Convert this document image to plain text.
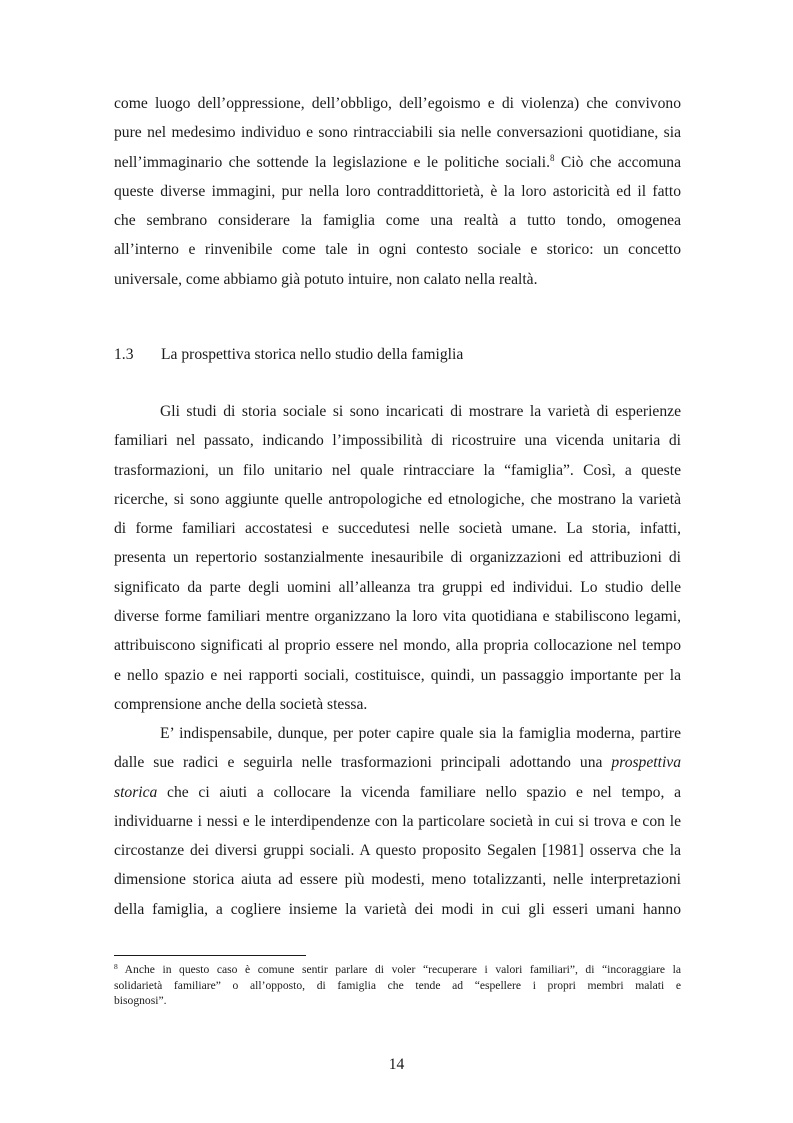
come luogo dell’oppressione, dell’obbligo, dell’egoismo e di violenza) che convivono
pure nel medesimo individuo e sono rintracciabili sia nelle conversazioni quotidiane, sia
nell’immaginario che sottende la legislazione e le politiche sociali.$^8$ Ciò che accomuna
queste diverse immagini, pur nella loro contraddittorietà, è la loro astoricità ed il fatto
che sembrano considerare la famiglia come una realtà a tutto tondo, omogenea
all’interno e rinvenibile come tale in ogni contesto sociale e storico: un concetto
universale, come abbiamo già potuto intuire, non calato nella realtà.
1.3 La prospettiva storica nello studio della famiglia
Gli studi di storia sociale si sono incaricati di mostrare la varietà di esperienze
familiari nel passato, indicando l’impossibilità di ricostruire una vicenda unitaria di
trasformazioni, un filo unitario nel quale rintracciare la “famiglia”. Così, a queste
ricerche, si sono aggiunte quelle antropologiche ed etnologiche, che mostrano la varietà
di forme familiari accostatesi e succedutesi nelle società umane. La storia, infatti,
presenta un repertorio sostanzialmente inesauribile di organizzazioni ed attribuzioni di
significato da parte degli uomini all’alleanza tra gruppi ed individui. Lo studio delle
diverse forme familiari mentre organizzano la loro vita quotidiana e stabiliscono legami,
attribuiscono significati al proprio essere nel mondo, alla propria collocazione nel tempo
e nello spazio e nei rapporti sociali, costituisce, quindi, un passaggio importante per la
comprensione anche della società stessa.
E’ indispensabile, dunque, per poter capire quale sia la famiglia moderna, partire
dalle sue radici e seguirla nelle trasformazioni principali adottando una prospettiva
storica che ci aiuti a collocare la vicenda familiare nello spazio e nel tempo, a
individuarne i nessi e le interdipendenze con la particolare società in cui si trova e con le
circostanze dei diversi gruppi sociali. A questo proposito Segalen [1981] osserva che la
dimensione storica aiuta ad essere più modesti, meno totalizzanti, nelle interpretazioni
della famiglia, a cogliere insieme la varietà dei modi in cui gli esseri umani hanno
$^8$ Anche in questo caso è comune sentir parlare di voler “recuperare i valori familiari”, di “incoraggiare la
solidarietà familiare” o all’opposto, di famiglia che tende ad “espellere i propri membri malati e
bisognosi”.
14
